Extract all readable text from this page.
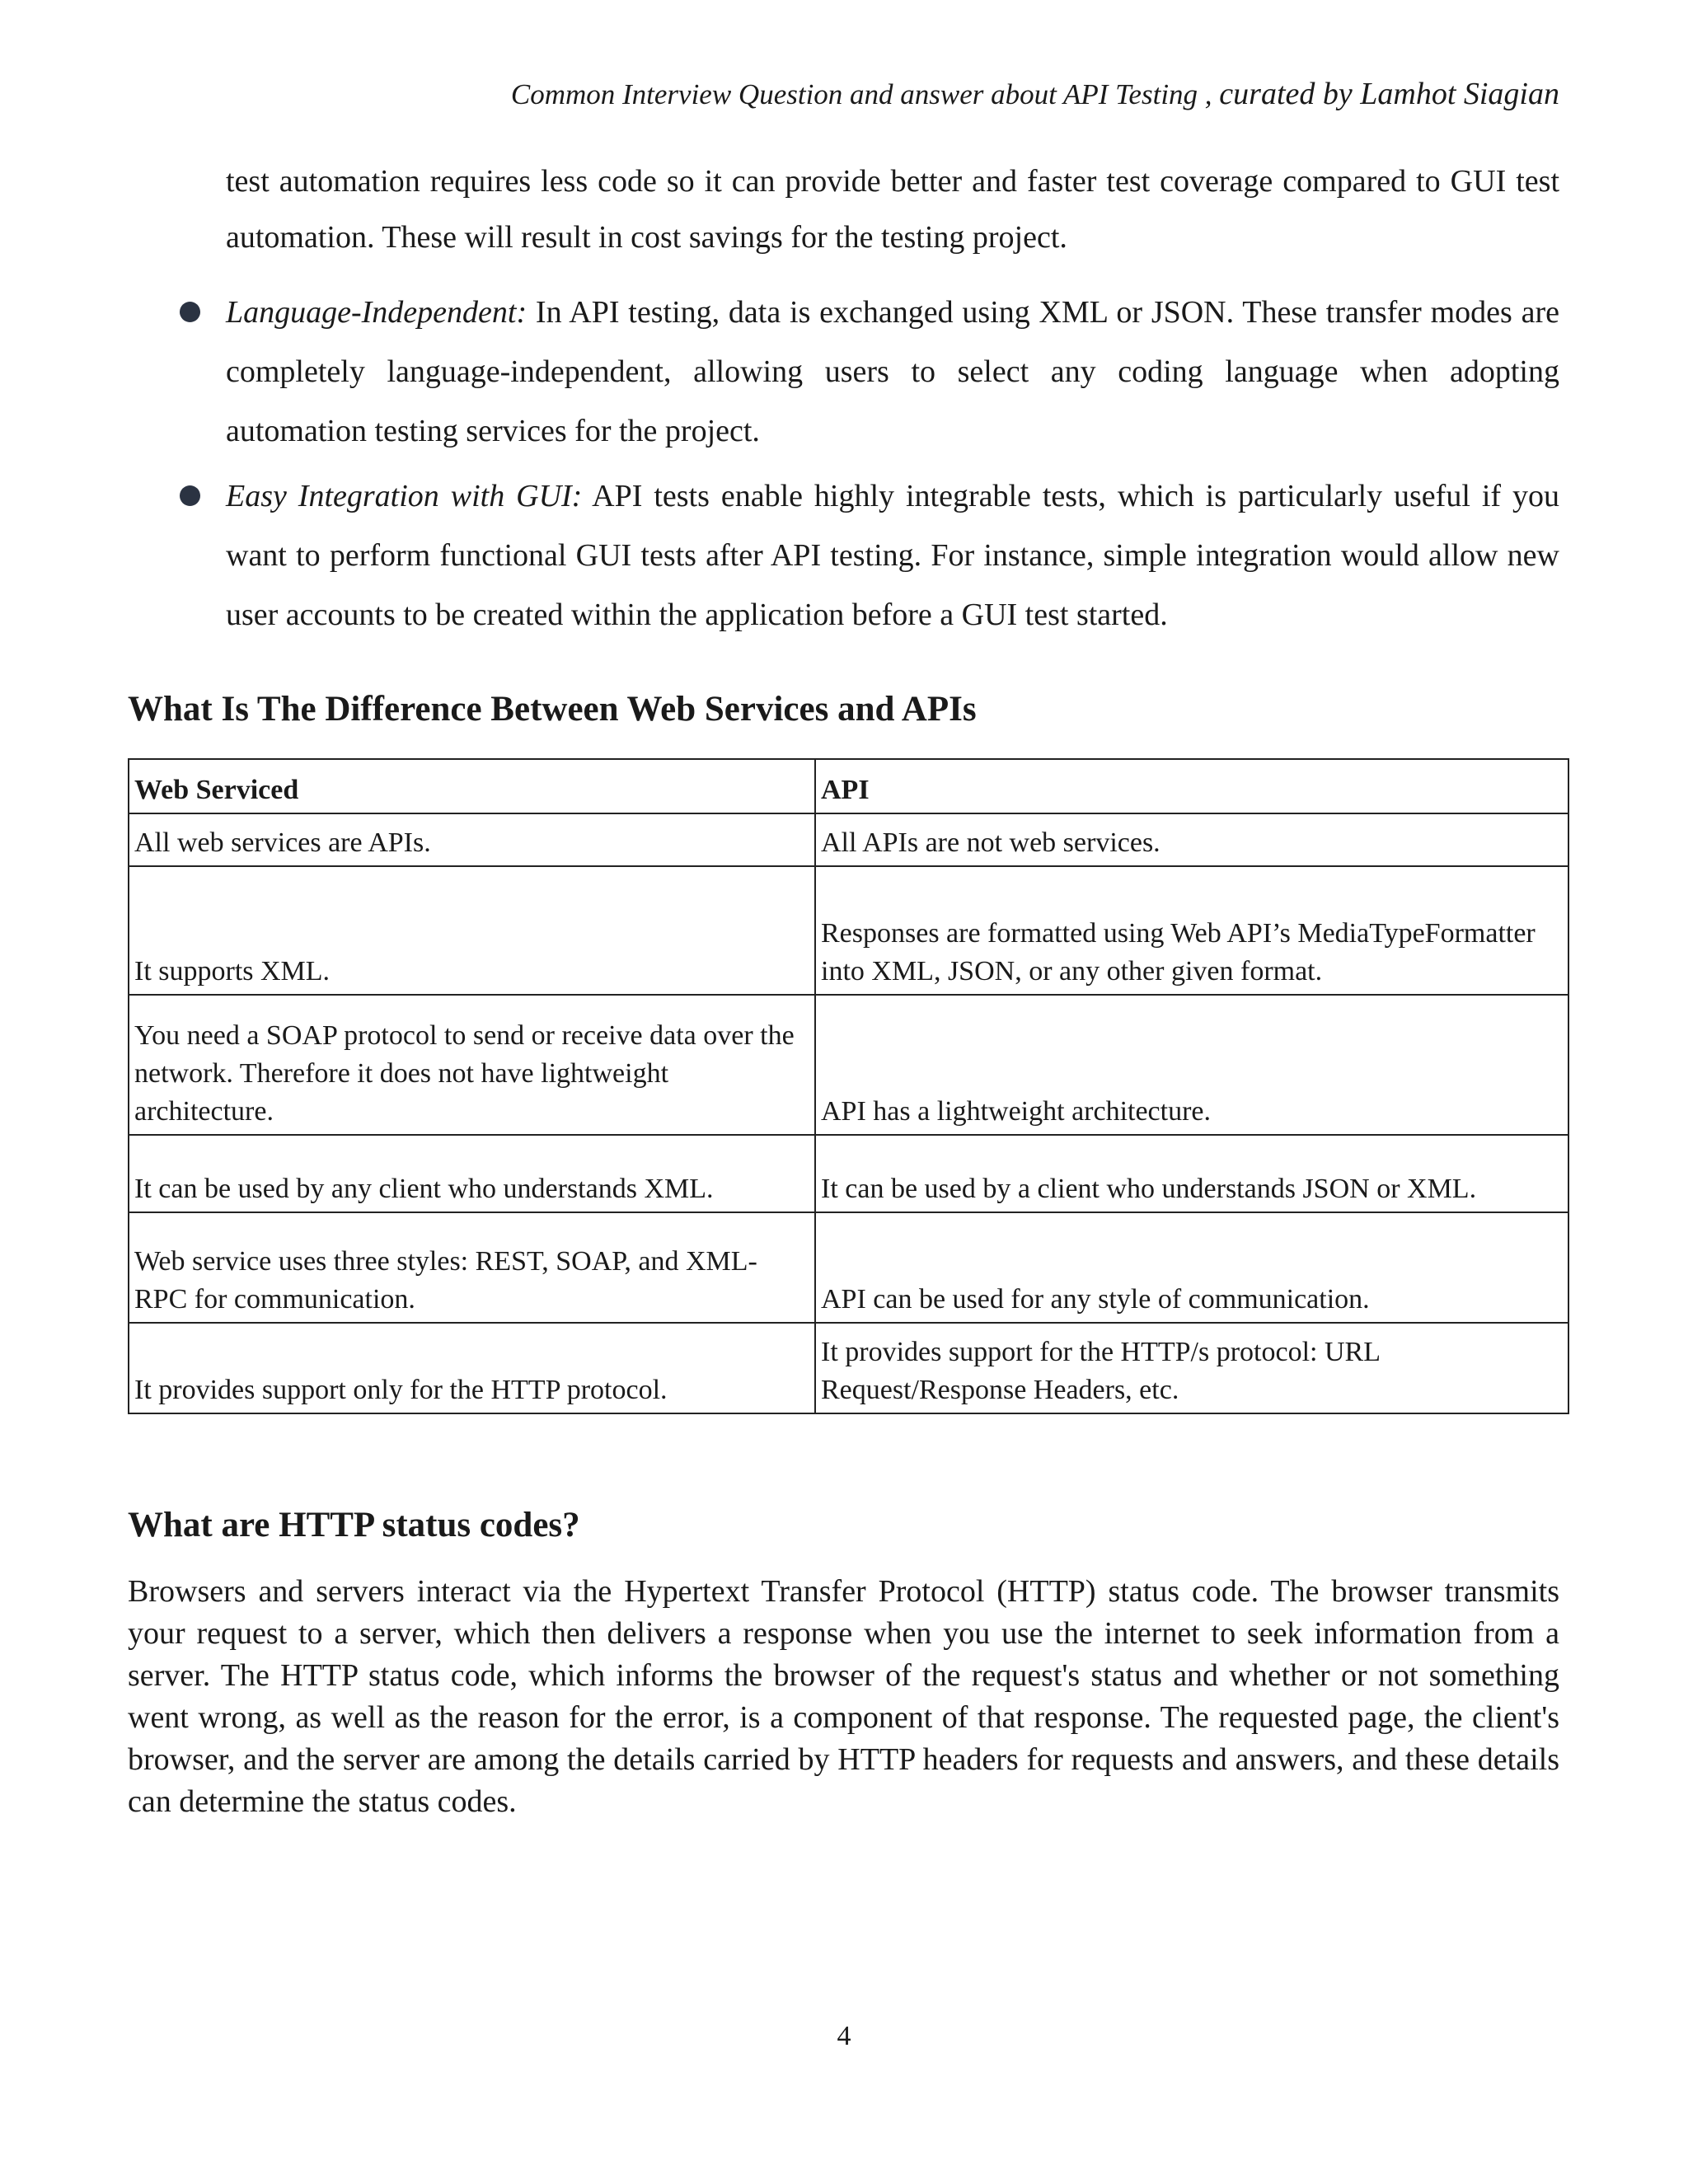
Common Interview Question and answer about API Testing , curated by Lamhot Siagian

test automation requires less code so it can provide better and faster test coverage compared to GUI test automation. These will result in cost savings for the testing project.

Language-Independent: In API testing, data is exchanged using XML or JSON. These transfer modes are completely language-independent, allowing users to select any coding language when adopting automation testing services for the project.
Easy Integration with GUI: API tests enable highly integrable tests, which is particularly useful if you want to perform functional GUI tests after API testing. For instance, simple integration would allow new user accounts to be created within the application before a GUI test started.
What Is The Difference Between Web Services and APIs
Web Serviced	API
All web services are APIs.	All APIs are not web services.
It supports XML.	Responses are formatted using Web API’s MediaTypeFormatter into XML, JSON, or any other given format.
You need a SOAP protocol to send or receive data over the network. Therefore it does not have lightweight architecture.	API has a lightweight architecture.
It can be used by any client who understands XML.	It can be used by a client who understands JSON or XML.
Web service uses three styles: REST, SOAP, and XML-RPC for communication.	API can be used for any style of communication.
It provides support only for the HTTP protocol.	It provides support for the HTTP/s protocol: URL Request/Response Headers, etc.
What are HTTP status codes?

Browsers and servers interact via the Hypertext Transfer Protocol (HTTP) status code. The browser transmits your request to a server, which then delivers a response when you use the internet to seek information from a server. The HTTP status code, which informs the browser of the request's status and whether or not something went wrong, as well as the reason for the error, is a component of that response. The requested page, the client's browser, and the server are among the details carried by HTTP headers for requests and answers, and these details can determine the status codes.

4
